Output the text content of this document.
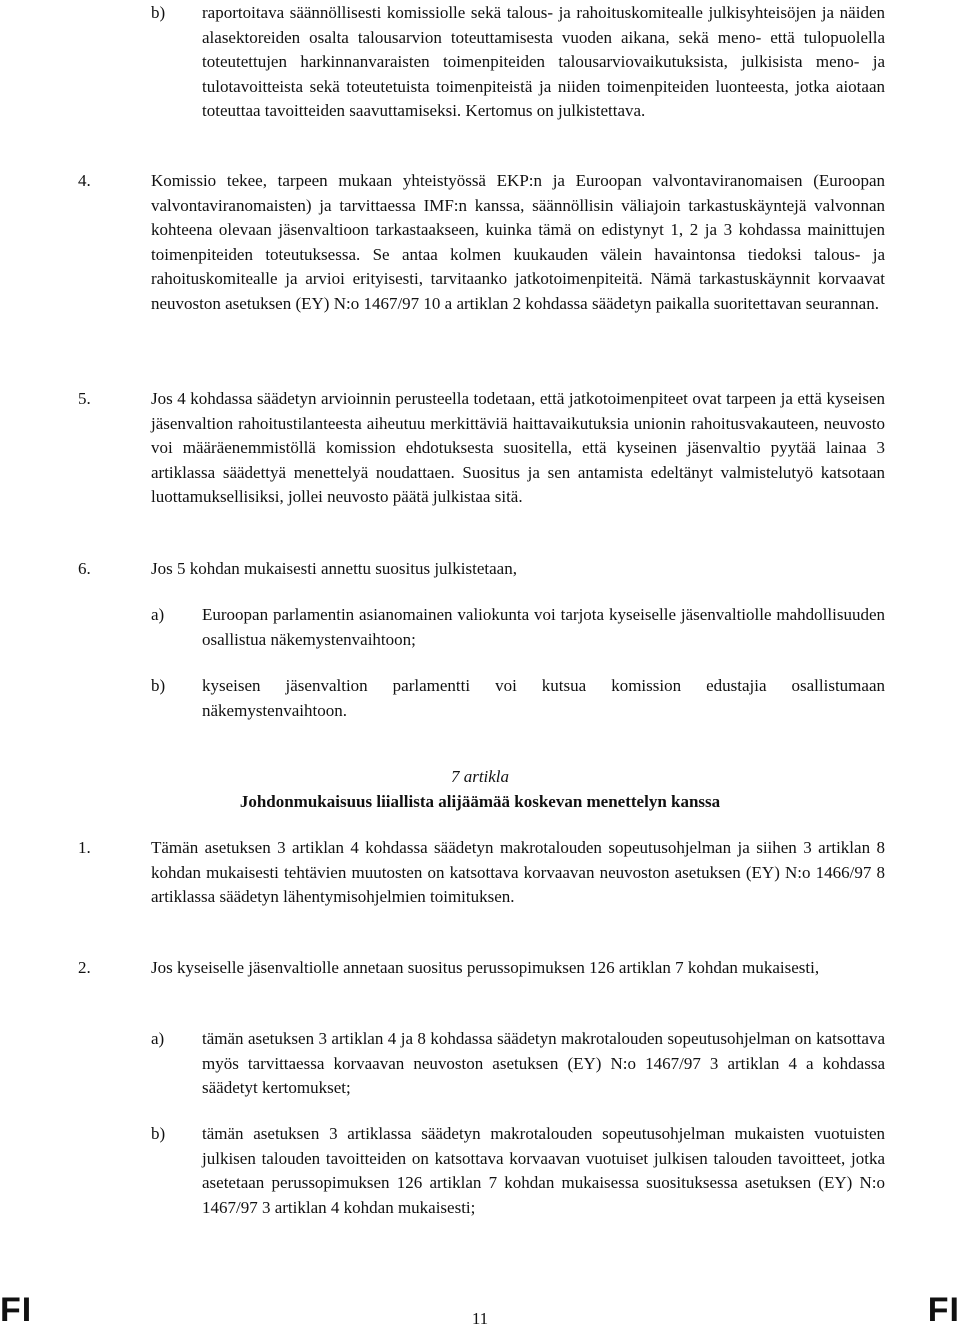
b) raportoitava säännöllisesti komissiolle sekä talous- ja rahoituskomitealle julkisyhteisöjen ja näiden alasektoreiden osalta talousarvion toteuttamisesta vuoden aikana, sekä meno- että tulopuolella toteutettujen harkinnanvaraisten toimenpiteiden talousarviovaikutuksista, julkisista meno- ja tulotavoitteista sekä toteutetuista toimenpiteistä ja niiden toimenpiteiden luonteesta, jotka aiotaan toteuttaa tavoitteiden saavuttamiseksi. Kertomus on julkistettava.
4.	Komissio tekee, tarpeen mukaan yhteistyössä EKP:n ja Euroopan valvontaviranomaisen (Euroopan valvontaviranomaisten) ja tarvittaessa IMF:n kanssa, säännöllisin väliajoin tarkastuskäyntejä valvonnan kohteena olevaan jäsenvaltioon tarkastaakseen, kuinka tämä on edistynyt 1, 2 ja 3 kohdassa mainittujen toimenpiteiden toteutuksessa. Se antaa kolmen kuukauden välein havaintonsa tiedoksi talous- ja rahoituskomitealle ja arvioi erityisesti, tarvitaanko jatkotoimenpiteitä. Nämä tarkastuskäynnit korvaavat neuvoston asetuksen (EY) N:o 1467/97 10 a artiklan 2 kohdassa säädetyn paikalla suoritettavan seurannan.
5.	Jos 4 kohdassa säädetyn arvioinnin perusteella todetaan, että jatkotoimenpiteet ovat tarpeen ja että kyseisen jäsenvaltion rahoitustilanteesta aiheutuu merkittäviä haittavaikutuksia unionin rahoitusvakauteen, neuvosto voi määräenemmistöllä komission ehdotuksesta suositella, että kyseinen jäsenvaltio pyytää lainaa 3 artiklassa säädettyä menettelyä noudattaen. Suositus ja sen antamista edeltänyt valmistelutyö katsotaan luottamuksellisiksi, jollei neuvosto päätä julkistaa sitä.
6.	Jos 5 kohdan mukaisesti annettu suositus julkistetaan,
a) Euroopan parlamentin asianomainen valiokunta voi tarjota kyseiselle jäsenvaltiolle mahdollisuuden osallistua näkemystenvaihtoon;
b) kyseisen jäsenvaltion parlamentti voi kutsua komission edustajia osallistumaan näkemystenvaihtoon.
7 artikla
Johdonmukaisuus liiallista alijäämää koskevan menettelyn kanssa
1.	Tämän asetuksen 3 artiklan 4 kohdassa säädetyn makrotalouden sopeutusohjelman ja siihen 3 artiklan 8 kohdan mukaisesti tehtävien muutosten on katsottava korvaavan neuvoston asetuksen (EY) N:o 1466/97 8 artiklassa säädetyn lähentymisohjelmien toimituksen.
2.	Jos kyseiselle jäsenvaltiolle annetaan suositus perussopimuksen 126 artiklan 7 kohdan mukaisesti,
a) tämän asetuksen 3 artiklan 4 ja 8 kohdassa säädetyn makrotalouden sopeutusohjelman on katsottava myös tarvittaessa korvaavan neuvoston asetuksen (EY) N:o 1467/97 3 artiklan 4 a kohdassa säädetyt kertomukset;
b) tämän asetuksen 3 artiklassa säädetyn makrotalouden sopeutusohjelman mukaisten vuotuisten julkisen talouden tavoitteiden on katsottava korvaavan vuotuiset julkisen talouden tavoitteet, jotka asetetaan perussopimuksen 126 artiklan 7 kohdan mukaisessa suosituksessa asetuksen (EY) N:o 1467/97 3 artiklan 4 kohdan mukaisesti;
FI	11	FI
